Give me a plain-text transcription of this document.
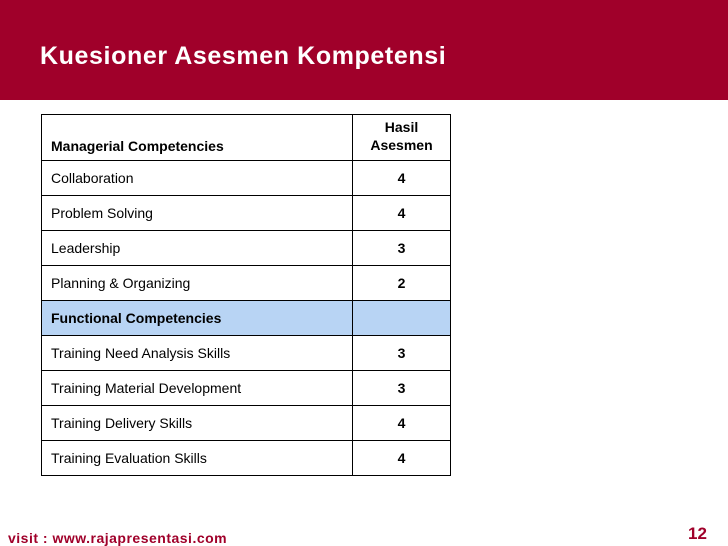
Kuesioner Asesmen Kompetensi
Managerial Competencies	Hasil
Asesmen
Collaboration	4
Problem Solving	4
Leadership	3
Planning & Organizing	2
Functional Competencies	
Training Need Analysis Skills	3
Training Material Development	3
Training Delivery Skills	4
Training Evaluation Skills	4
visit : www.rajapresentasi.com	12
